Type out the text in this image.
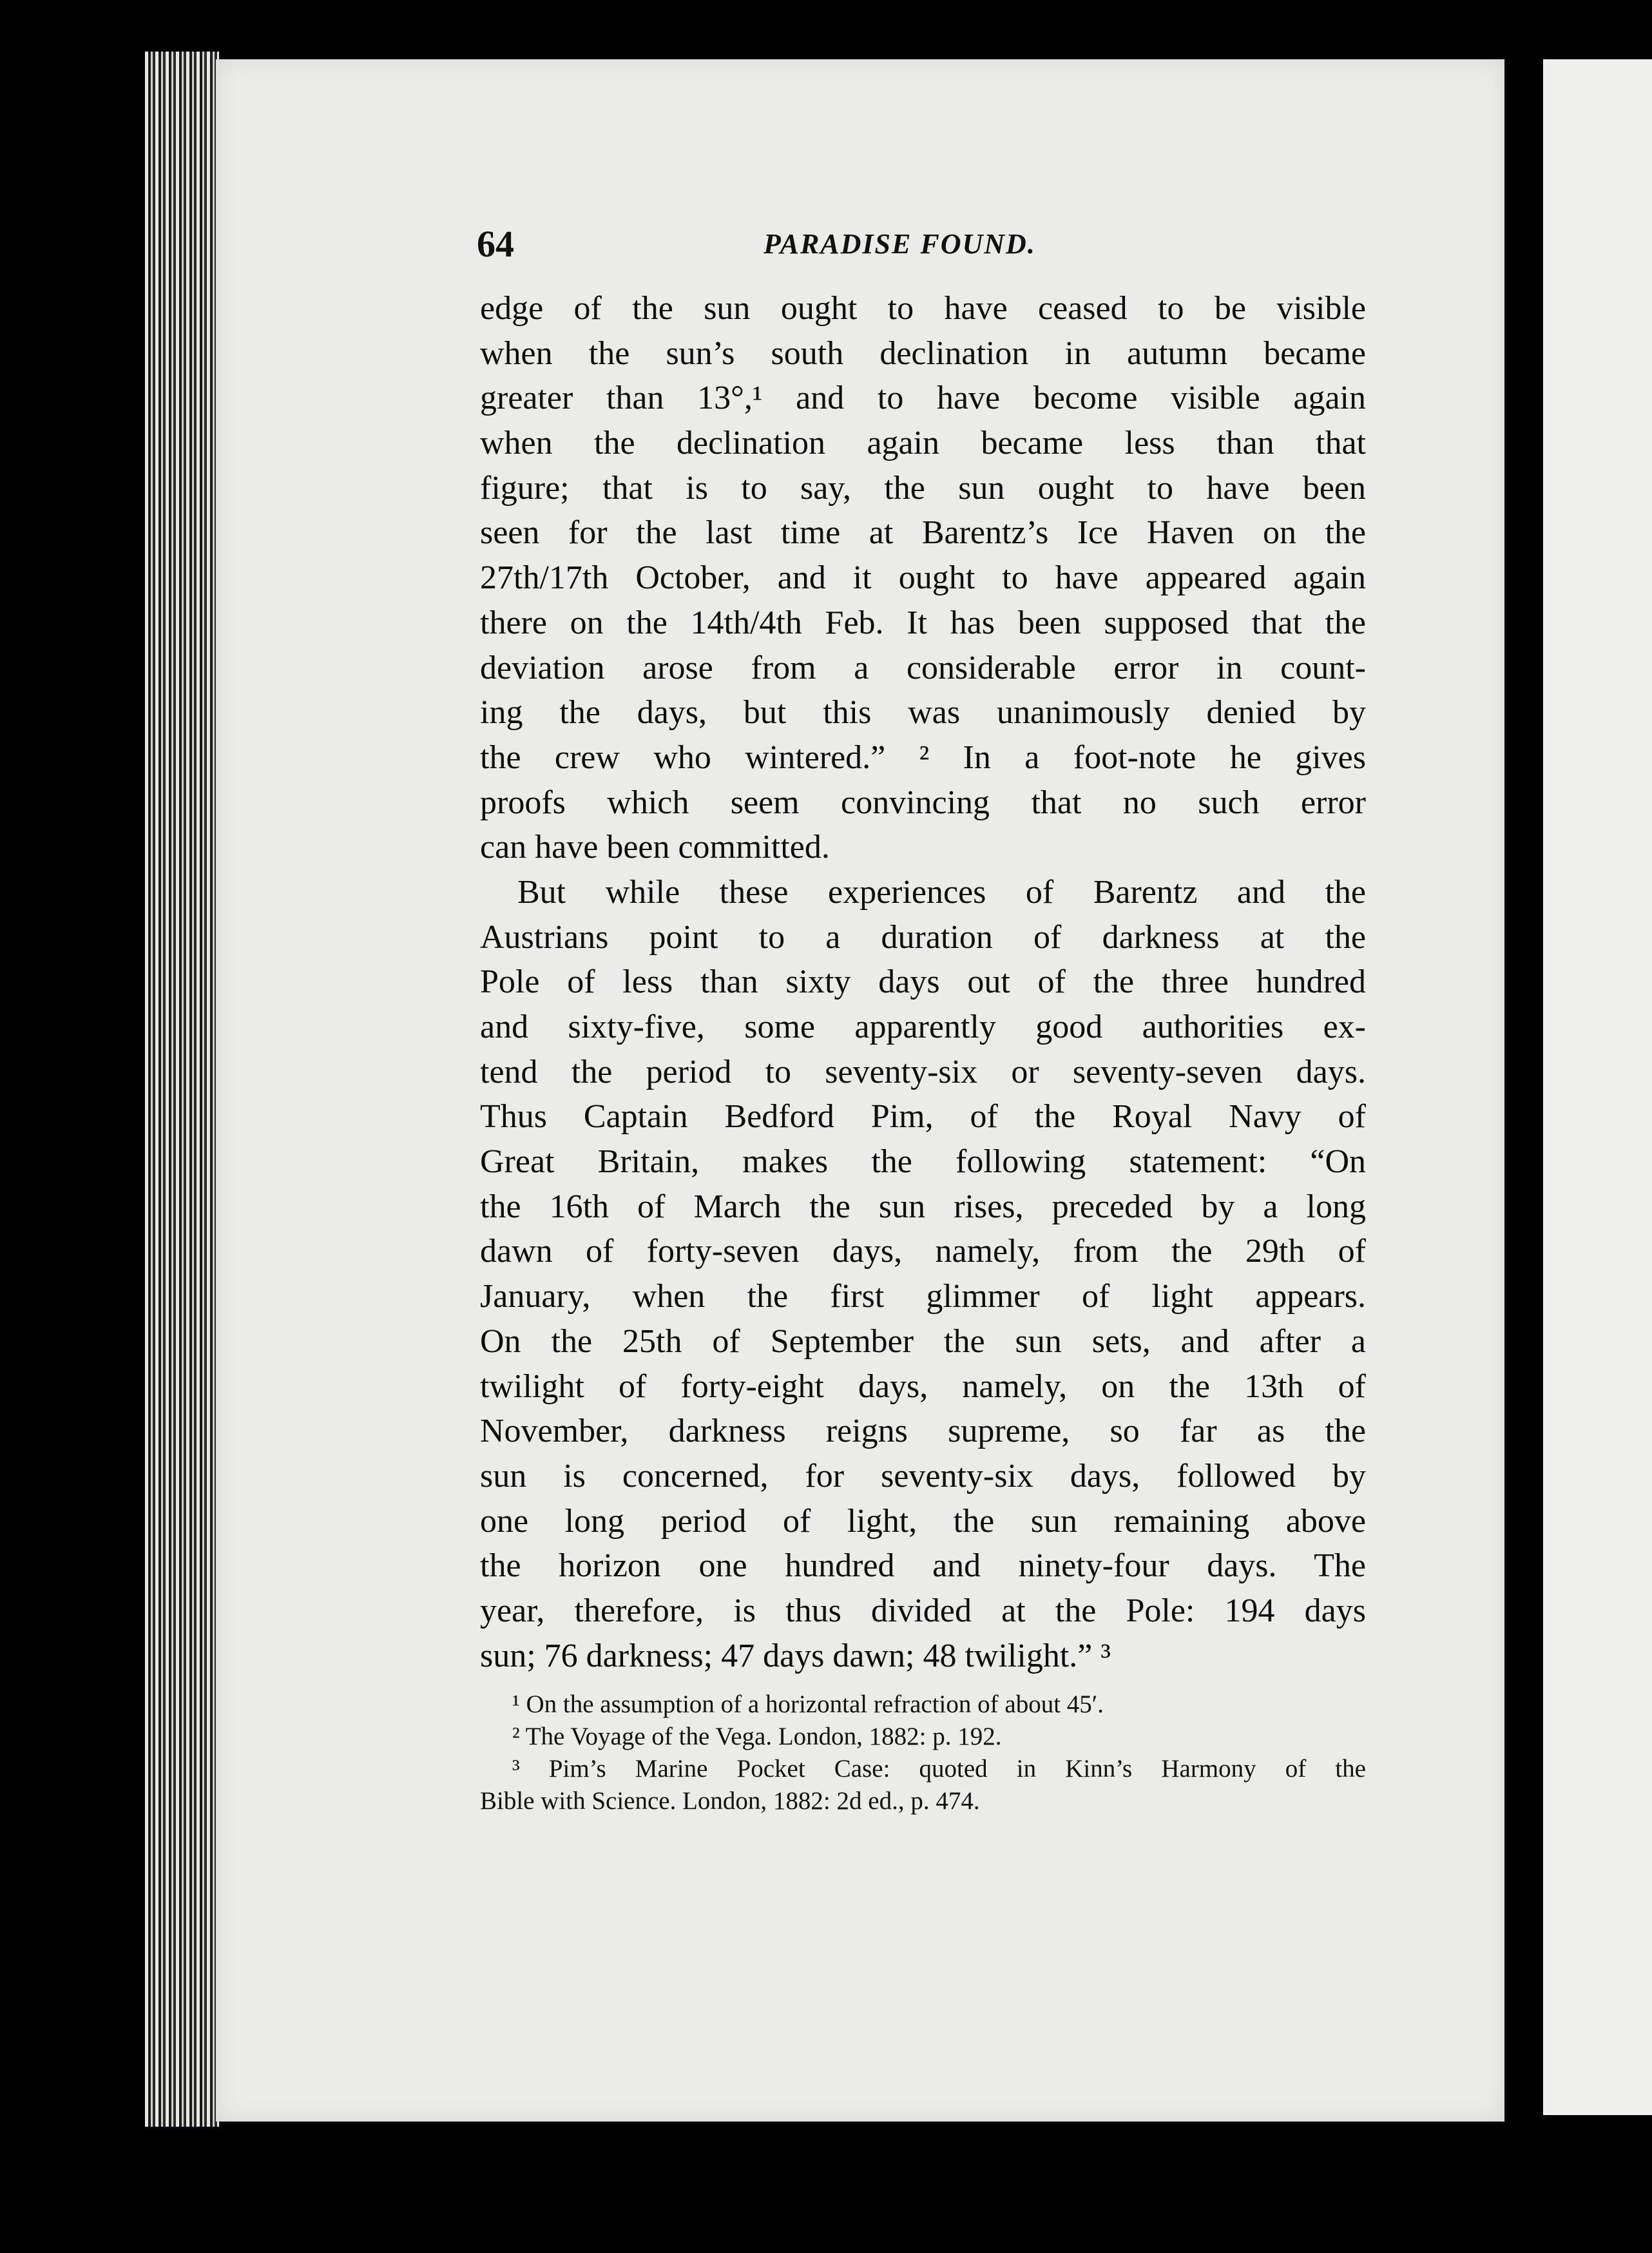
64	PARADISE FOUND.
edge of the sun ought to have ceased to be visible
when the sun’s south declination in autumn became
greater than 13°,¹ and to have become visible again
when the declination again became less than that
figure; that is to say, the sun ought to have been
seen for the last time at Barentz’s Ice Haven on the
27th/17th October, and it ought to have appeared again
there on the 14th/4th Feb. It has been supposed that the
deviation arose from a considerable error in count-
ing the days, but this was unanimously denied by
the crew who wintered.” ² In a foot-note he gives
proofs which seem convincing that no such error
can have been committed.
But while these experiences of Barentz and the
Austrians point to a duration of darkness at the
Pole of less than sixty days out of the three hundred
and sixty-five, some apparently good authorities ex-
tend the period to seventy-six or seventy-seven days.
Thus Captain Bedford Pim, of the Royal Navy of
Great Britain, makes the following statement: “On
the 16th of March the sun rises, preceded by a long
dawn of forty-seven days, namely, from the 29th of
January, when the first glimmer of light appears.
On the 25th of September the sun sets, and after a
twilight of forty-eight days, namely, on the 13th of
November, darkness reigns supreme, so far as the
sun is concerned, for seventy-six days, followed by
one long period of light, the sun remaining above
the horizon one hundred and ninety-four days. The
year, therefore, is thus divided at the Pole: 194 days
sun; 76 darkness; 47 days dawn; 48 twilight.” ³
¹ On the assumption of a horizontal refraction of about 45′.
² The Voyage of the Vega. London, 1882: p. 192.
³ Pim’s Marine Pocket Case: quoted in Kinn’s Harmony of the
Bible with Science. London, 1882: 2d ed., p. 474.
